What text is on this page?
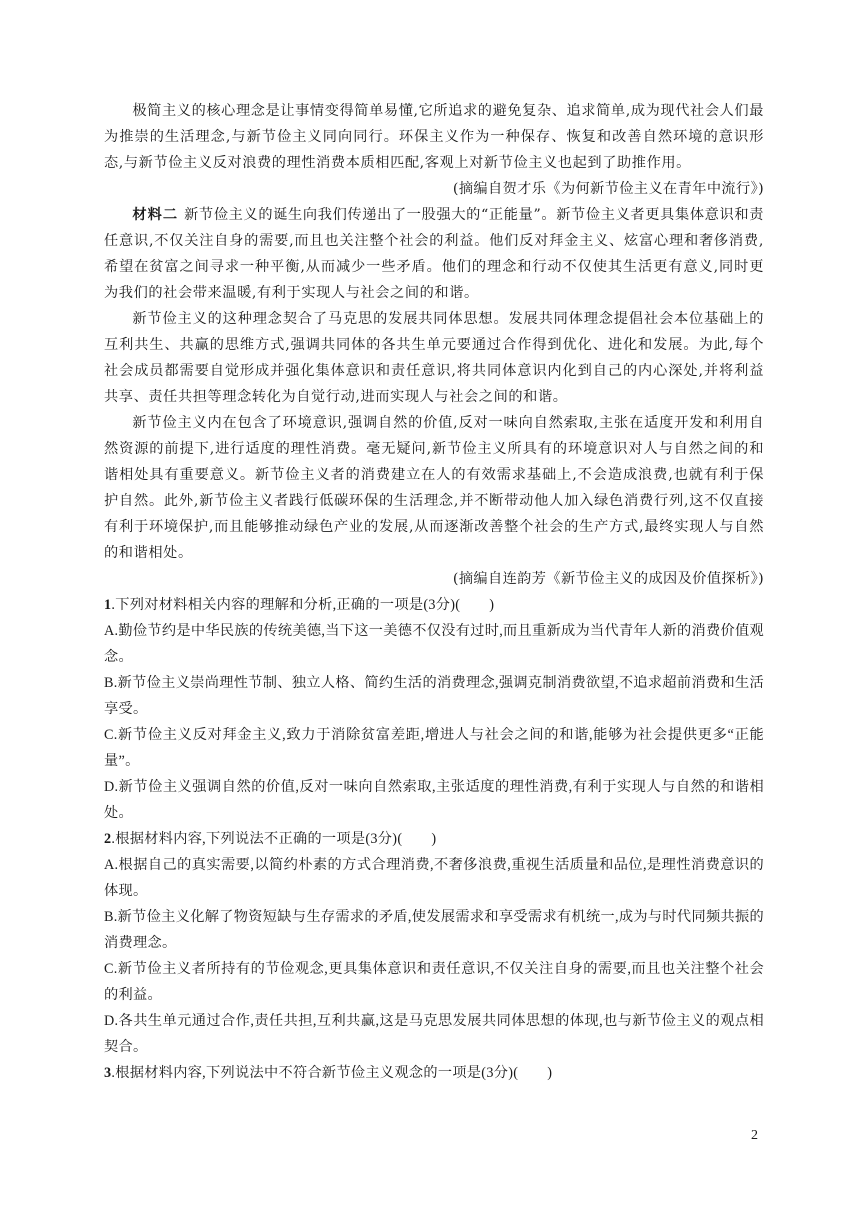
极简主义的核心理念是让事情变得简单易懂,它所追求的避免复杂、追求简单,成为现代社会人们最为推崇的生活理念,与新节俭主义同向同行。环保主义作为一种保存、恢复和改善自然环境的意识形态,与新节俭主义反对浪费的理性消费本质相匹配,客观上对新节俭主义也起到了助推作用。

(摘编自贺才乐《为何新节俭主义在青年中流行》)

材料二 新节俭主义的诞生向我们传递出了一股强大的“正能量”。新节俭主义者更具集体意识和责任意识,不仅关注自身的需要,而且也关注整个社会的利益。他们反对拜金主义、炫富心理和奢侈消费,希望在贫富之间寻求一种平衡,从而减少一些矛盾。他们的理念和行动不仅使其生活更有意义,同时更为我们的社会带来温暖,有利于实现人与社会之间的和谐。

新节俭主义的这种理念契合了马克思的发展共同体思想。发展共同体理念提倡社会本位基础上的互利共生、共赢的思维方式,强调共同体的各共生单元要通过合作得到优化、进化和发展。为此,每个社会成员都需要自觉形成并强化集体意识和责任意识,将共同体意识内化到自己的内心深处,并将利益共享、责任共担等理念转化为自觉行动,进而实现人与社会之间的和谐。

新节俭主义内在包含了环境意识,强调自然的价值,反对一味向自然索取,主张在适度开发和利用自然资源的前提下,进行适度的理性消费。毫无疑问,新节俭主义所具有的环境意识对人与自然之间的和谐相处具有重要意义。新节俭主义者的消费建立在人的有效需求基础上,不会造成浪费,也就有利于保护自然。此外,新节俭主义者践行低碳环保的生活理念,并不断带动他人加入绿色消费行列,这不仅直接有利于环境保护,而且能够推动绿色产业的发展,从而逐渐改善整个社会的生产方式,最终实现人与自然的和谐相处。

(摘编自连韵芳《新节俭主义的成因及价值探析》)

1.下列对材料相关内容的理解和分析,正确的一项是(3分)(　　)

A.勤俭节约是中华民族的传统美德,当下这一美德不仅没有过时,而且重新成为当代青年人新的消费价值观念。

B.新节俭主义崇尚理性节制、独立人格、简约生活的消费理念,强调克制消费欲望,不追求超前消费和生活享受。

C.新节俭主义反对拜金主义,致力于消除贫富差距,增进人与社会之间的和谐,能够为社会提供更多“正能量”。

D.新节俭主义强调自然的价值,反对一味向自然索取,主张适度的理性消费,有利于实现人与自然的和谐相处。

2.根据材料内容,下列说法不正确的一项是(3分)(　　)

A.根据自己的真实需要,以简约朴素的方式合理消费,不奢侈浪费,重视生活质量和品位,是理性消费意识的体现。

B.新节俭主义化解了物资短缺与生存需求的矛盾,使发展需求和享受需求有机统一,成为与时代同频共振的消费理念。

C.新节俭主义者所持有的节俭观念,更具集体意识和责任意识,不仅关注自身的需要,而且也关注整个社会的利益。

D.各共生单元通过合作,责任共担,互利共赢,这是马克思发展共同体思想的体现,也与新节俭主义的观点相契合。

3.根据材料内容,下列说法中不符合新节俭主义观念的一项是(3分)(　　)

2
